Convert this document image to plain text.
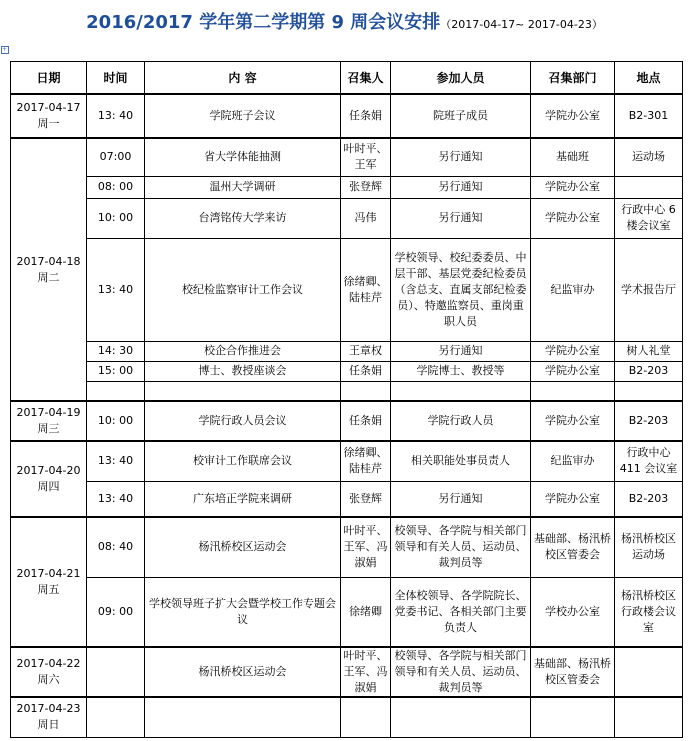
2016/2017 学年第二学期第 9 周会议安排（2017-04-17~ 2017-04-23）
+
日期	时间	内 容	召集人	参加人员	召集部门	地点
2017-04-17
周一	13: 40	学院班子会议	任条娟	院班子成员	学院办公室	B2-301
2017-04-18
周二	07:00	省大学体能抽测	叶时平、王军	另行通知	基础班	运动场
	08: 00	温州大学调研	张登辉	另行通知	学院办公室	
	10: 00	台湾铭传大学来访	冯伟	另行通知	学院办公室	行政中心 6 楼会议室
	13: 40	校纪检监察审计工作会议	徐绪卿、陆桂芹	学校领导、校纪委委员、中层干部、基层党委纪检委员（含总支、直属支部纪检委员）、特邀监察员、重岗重职人员	纪监审办	学术报告厅
	14: 30	校企合作推进会	王章权	另行通知	学院办公室	树人礼堂
	15: 00	博士、教授座谈会	任条娟	学院博士、教授等	学院办公室	B2-203

2017-04-19
周三	10: 00	学院行政人员会议	任条娟	学院行政人员	学院办公室	B2-203
2017-04-20
周四	13: 40	校审计工作联席会议	徐绪卿、陆桂芹	相关职能处事员责人	纪监审办	行政中心 411 会议室
	13: 40	广东培正学院来调研	张登辉	另行通知	学院办公室	B2-203
2017-04-21
周五	08: 40	杨汛桥校区运动会	叶时平、王军、冯淑娟	校领导、各学院与相关部门领导和有关人员、运动员、裁判员等	基础部、杨汛桥校区管委会	杨汛桥校区运动场
	09: 00	学校领导班子扩大会暨学校工作专题会议	徐绪卿	全体校领导、各学院院长、党委书记、各相关部门主要负责人	学校办公室	杨汛桥校区行政楼会议室
2017-04-22
周六		杨汛桥校区运动会	叶时平、王军、冯淑娟	校领导、各学院与相关部门领导和有关人员、运动员、裁判员等	基础部、杨汛桥校区管委会	
2017-04-23
周日						
